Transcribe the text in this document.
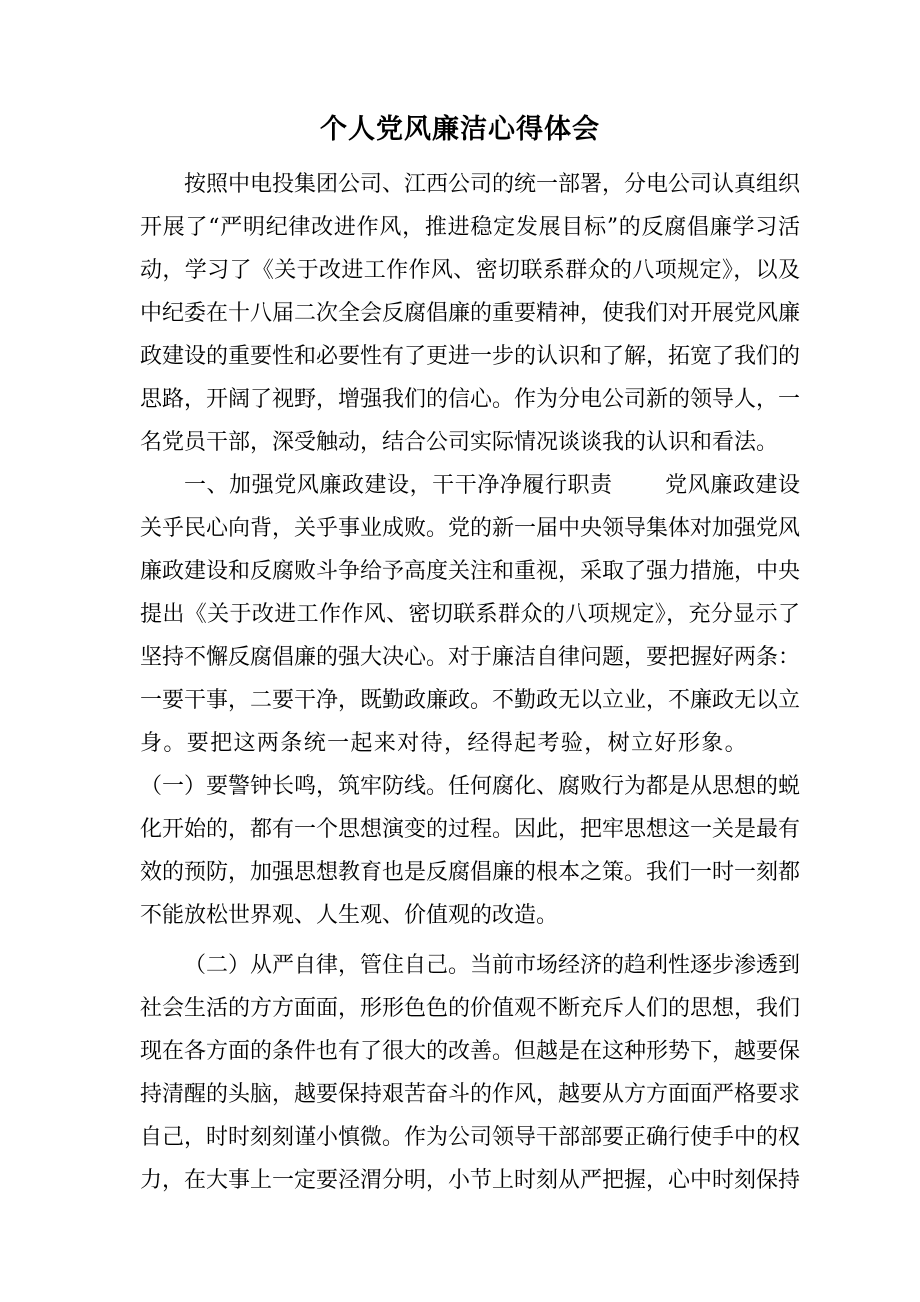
个人党风廉洁心得体会

按照中电投集团公司、江西公司的统一部署，分电公司认真组织开展了“严明纪律改进作风，推进稳定发展目标”的反腐倡廉学习活动，学习了《关于改进工作作风、密切联系群众的八项规定》，以及中纪委在十八届二次全会反腐倡廉的重要精神，使我们对开展党风廉政建设的重要性和必要性有了更进一步的认识和了解，拓宽了我们的思路，开阔了视野，增强我们的信心。作为分电公司新的领导人，一名党员干部，深受触动，结合公司实际情况谈谈我的认识和看法。

一、加强党风廉政建设，干干净净履行职责 党风廉政建设关乎民心向背，关乎事业成败。党的新一届中央领导集体对加强党风廉政建设和反腐败斗争给予高度关注和重视，采取了强力措施，中央提出《关于改进工作作风、密切联系群众的八项规定》，充分显示了坚持不懈反腐倡廉的强大决心。对于廉洁自律问题，要把握好两条：一要干事，二要干净，既勤政廉政。不勤政无以立业，不廉政无以立身。要把这两条统一起来对待，经得起考验，树立好形象。（一）要警钟长鸣，筑牢防线。任何腐化、腐败行为都是从思想的蜕化开始的，都有一个思想演变的过程。因此，把牢思想这一关是最有效的预防，加强思想教育也是反腐倡廉的根本之策。我们一时一刻都不能放松世界观、人生观、价值观的改造。

（二）从严自律，管住自己。当前市场经济的趋利性逐步渗透到社会生活的方方面面，形形色色的价值观不断充斥人们的思想，我们现在各方面的条件也有了很大的改善。但越是在这种形势下，越要保持清醒的头脑，越要保持艰苦奋斗的作风，越要从方方面面严格要求自己，时时刻刻谨小慎微。作为公司领导干部部要正确行使手中的权力，在大事上一定要泾渭分明，小节上时刻从严把握，心中时刻保持
